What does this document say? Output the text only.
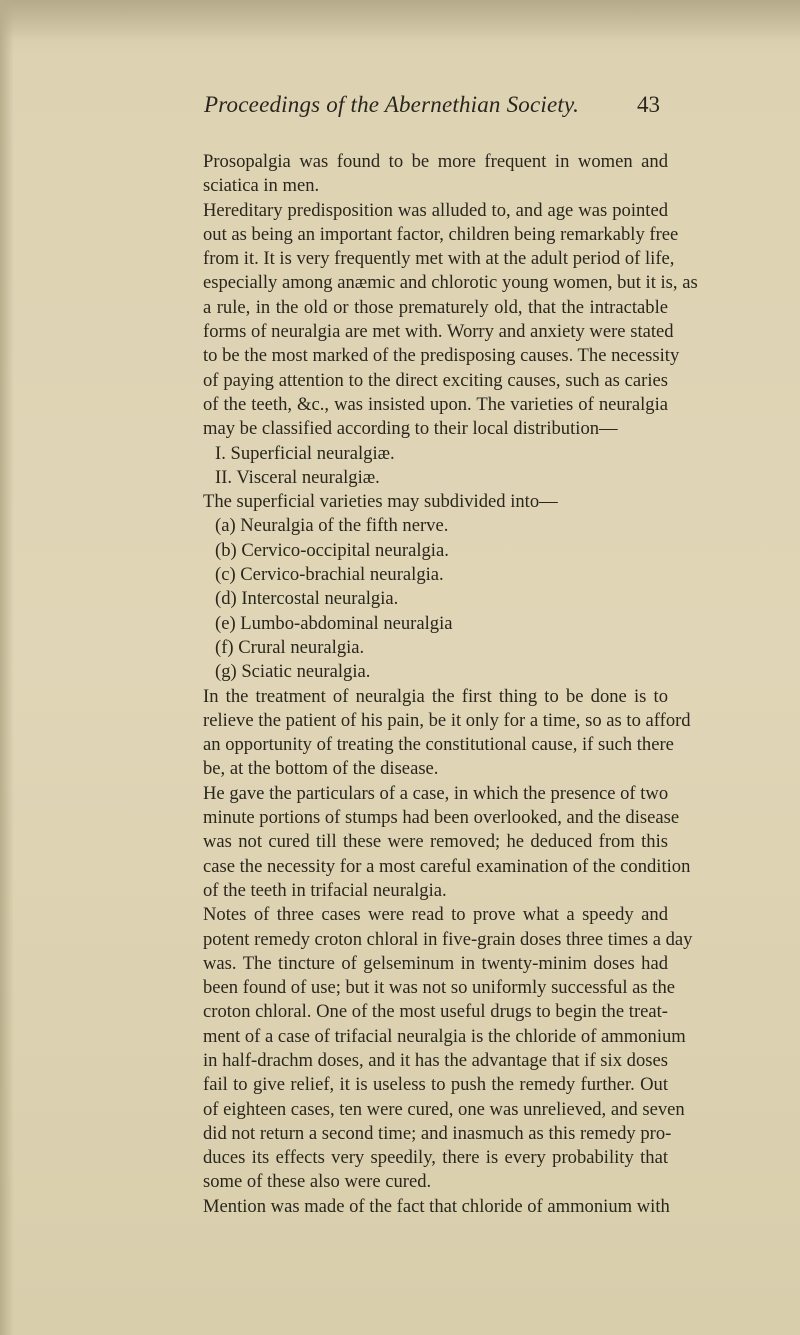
Proceedings of the Abernethian Society.	43
Prosopalgia was found to be more frequent in women and
sciatica in men.
Hereditary predisposition was alluded to, and age was pointed
out as being an important factor, children being remarkably free
from it. It is very frequently met with at the adult period of life,
especially among anæmic and chlorotic young women, but it is, as
a rule, in the old or those prematurely old, that the intractable
forms of neuralgia are met with. Worry and anxiety were stated
to be the most marked of the predisposing causes. The necessity
of paying attention to the direct exciting causes, such as caries
of the teeth, &c., was insisted upon. The varieties of neuralgia
may be classified according to their local distribution—
I. Superficial neuralgiæ.
II. Visceral neuralgiæ.
The superficial varieties may subdivided into—
(a) Neuralgia of the fifth nerve.
(b) Cervico-occipital neuralgia.
(c) Cervico-brachial neuralgia.
(d) Intercostal neuralgia.
(e) Lumbo-abdominal neuralgia
(f) Crural neuralgia.
(g) Sciatic neuralgia.
In the treatment of neuralgia the first thing to be done is to
relieve the patient of his pain, be it only for a time, so as to afford
an opportunity of treating the constitutional cause, if such there
be, at the bottom of the disease.
He gave the particulars of a case, in which the presence of two
minute portions of stumps had been overlooked, and the disease
was not cured till these were removed; he deduced from this
case the necessity for a most careful examination of the condition
of the teeth in trifacial neuralgia.
Notes of three cases were read to prove what a speedy and
potent remedy croton chloral in five-grain doses three times a day
was. The tincture of gelseminum in twenty-minim doses had
been found of use; but it was not so uniformly successful as the
croton chloral. One of the most useful drugs to begin the treat-
ment of a case of trifacial neuralgia is the chloride of ammonium
in half-drachm doses, and it has the advantage that if six doses
fail to give relief, it is useless to push the remedy further. Out
of eighteen cases, ten were cured, one was unrelieved, and seven
did not return a second time; and inasmuch as this remedy pro-
duces its effects very speedily, there is every probability that
some of these also were cured.
Mention was made of the fact that chloride of ammonium with
